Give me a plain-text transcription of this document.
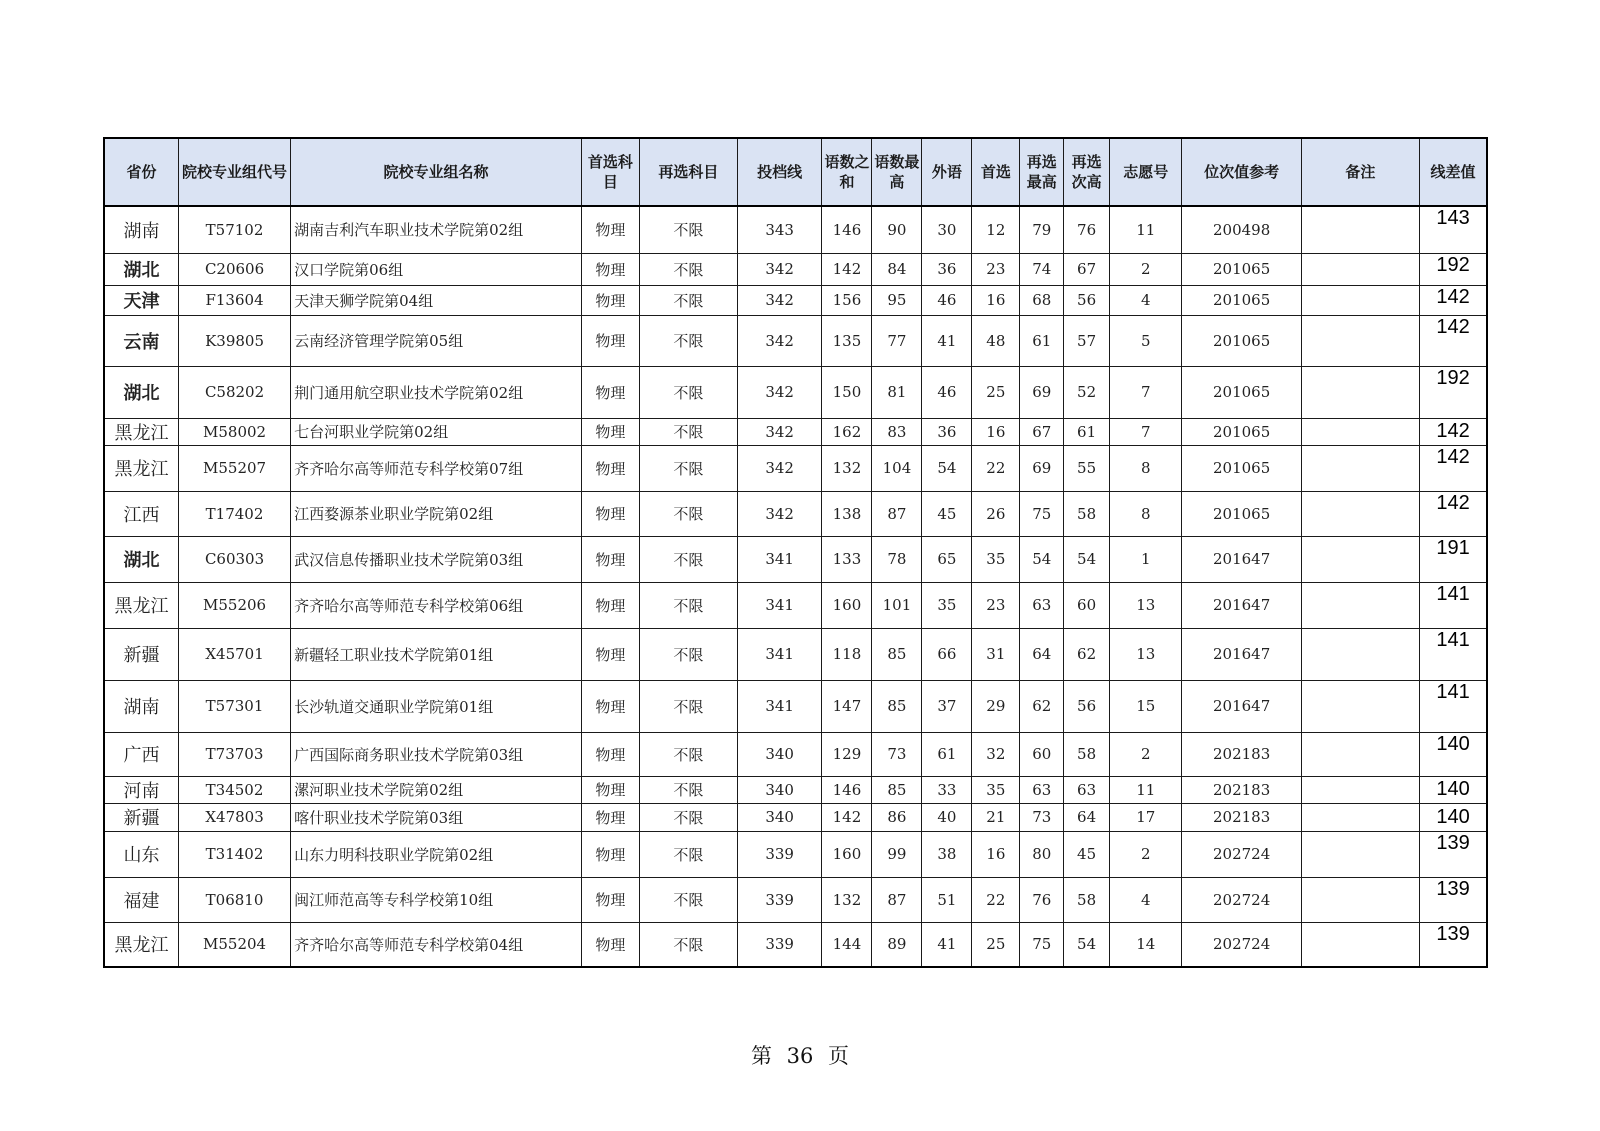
省份	院校专业组代号	院校专业组名称	首选科目	再选科目	投档线	语数之和	语数最高	外语	首选	再选最高	再选次高	志愿号	位次值参考	备注	线差值
湖南	T57102	湖南吉利汽车职业技术学院第02组	物理	不限	343	146	90	30	12	79	76	11	200498		143
湖北	C20606	汉口学院第06组	物理	不限	342	142	84	36	23	74	67	2	201065		192
天津	F13604	天津天狮学院第04组	物理	不限	342	156	95	46	16	68	56	4	201065		142
云南	K39805	云南经济管理学院第05组	物理	不限	342	135	77	41	48	61	57	5	201065		142
湖北	C58202	荆门通用航空职业技术学院第02组	物理	不限	342	150	81	46	25	69	52	7	201065		192
黑龙江	M58002	七台河职业学院第02组	物理	不限	342	162	83	36	16	67	61	7	201065		142
黑龙江	M55207	齐齐哈尔高等师范专科学校第07组	物理	不限	342	132	104	54	22	69	55	8	201065		142
江西	T17402	江西婺源茶业职业学院第02组	物理	不限	342	138	87	45	26	75	58	8	201065		142
湖北	C60303	武汉信息传播职业技术学院第03组	物理	不限	341	133	78	65	35	54	54	1	201647		191
黑龙江	M55206	齐齐哈尔高等师范专科学校第06组	物理	不限	341	160	101	35	23	63	60	13	201647		141
新疆	X45701	新疆轻工职业技术学院第01组	物理	不限	341	118	85	66	31	64	62	13	201647		141
湖南	T57301	长沙轨道交通职业学院第01组	物理	不限	341	147	85	37	29	62	56	15	201647		141
广西	T73703	广西国际商务职业技术学院第03组	物理	不限	340	129	73	61	32	60	58	2	202183		140
河南	T34502	漯河职业技术学院第02组	物理	不限	340	146	85	33	35	63	63	11	202183		140
新疆	X47803	喀什职业技术学院第03组	物理	不限	340	142	86	40	21	73	64	17	202183		140
山东	T31402	山东力明科技职业学院第02组	物理	不限	339	160	99	38	16	80	45	2	202724		139
福建	T06810	闽江师范高等专科学校第10组	物理	不限	339	132	87	51	22	76	58	4	202724		139
黑龙江	M55204	齐齐哈尔高等师范专科学校第04组	物理	不限	339	144	89	41	25	75	54	14	202724		139
第 36 页
